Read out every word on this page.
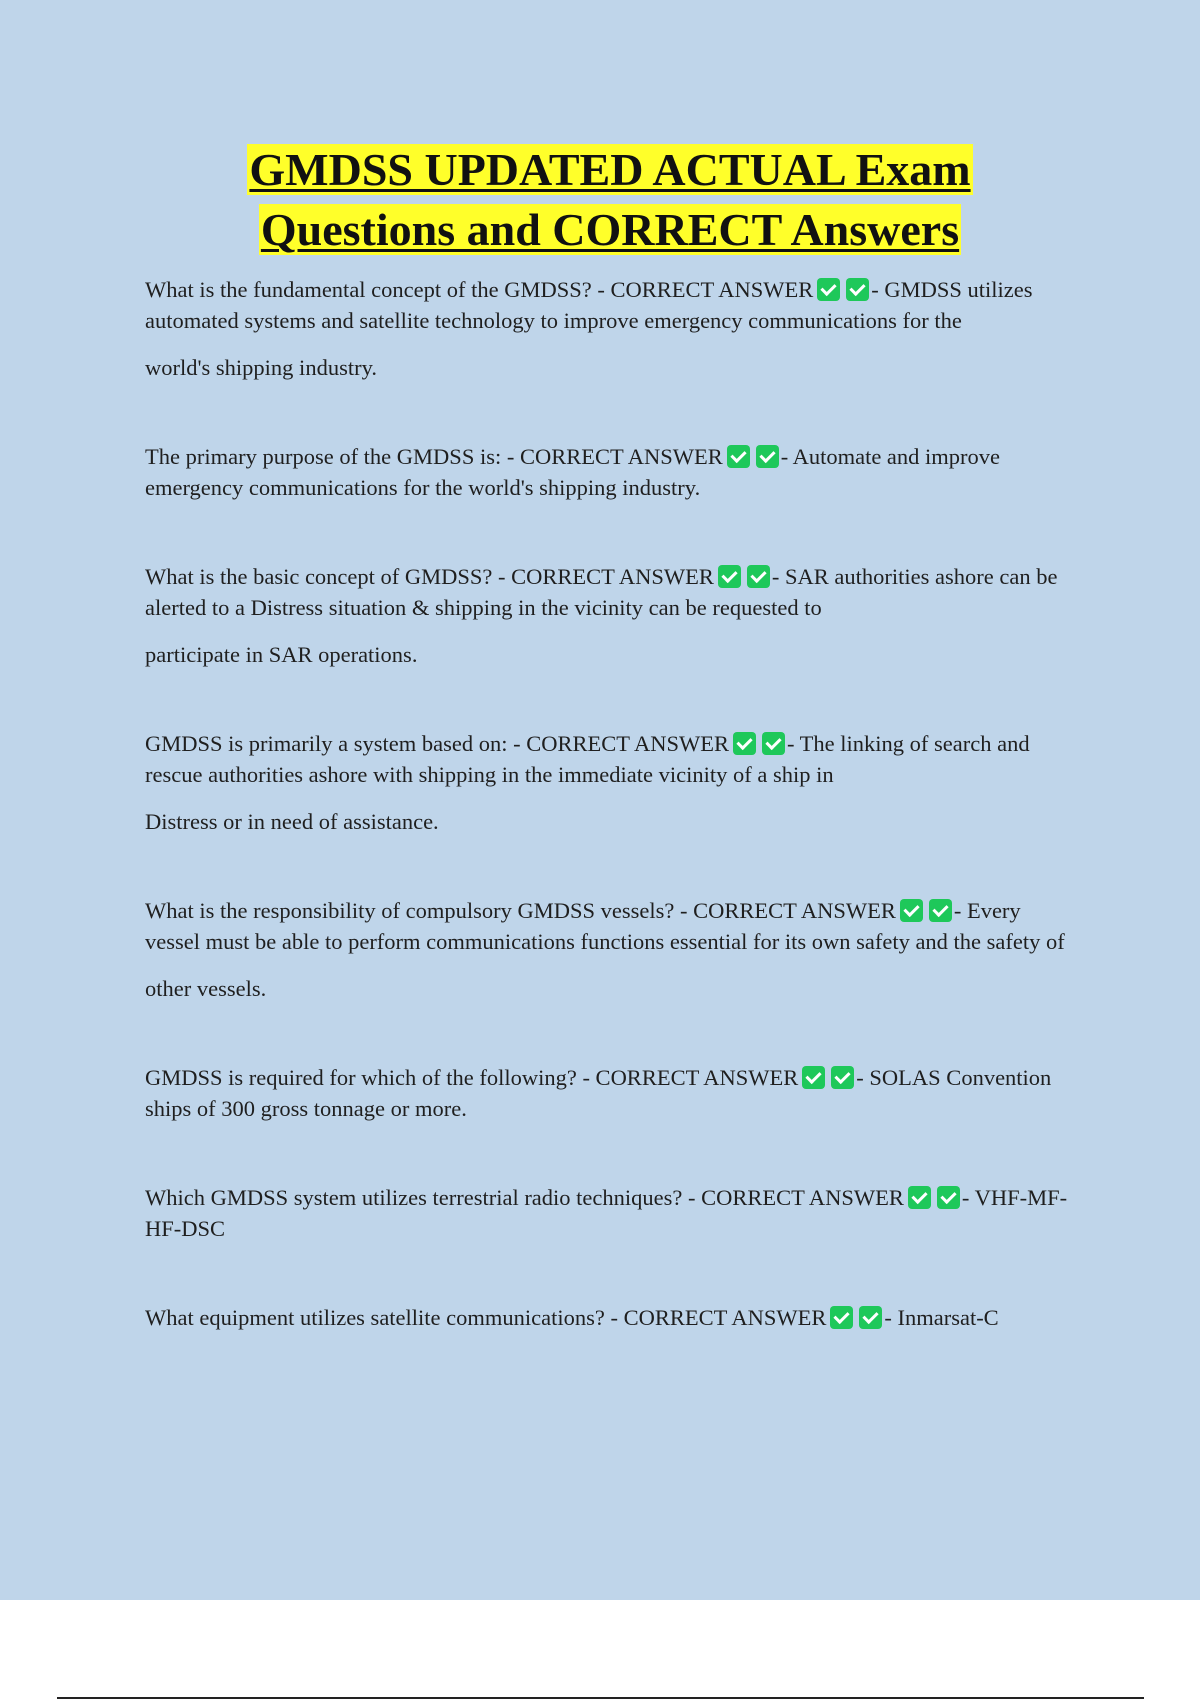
GMDSS UPDATED ACTUAL Exam
Questions and CORRECT Answers

What is the fundamental concept of the GMDSS? - CORRECT ANSWER	- GMDSS utilizes automated systems and satellite technology to improve emergency communications for the

world's shipping industry.

The primary purpose of the GMDSS is: - CORRECT ANSWER	- Automate and improve emergency communications for the world's shipping industry.

What is the basic concept of GMDSS? - CORRECT ANSWER	- SAR authorities ashore can be alerted to a Distress situation & shipping in the vicinity can be requested to

participate in SAR operations.

GMDSS is primarily a system based on: - CORRECT ANSWER	- The linking of search and rescue authorities ashore with shipping in the immediate vicinity of a ship in

Distress or in need of assistance.

What is the responsibility of compulsory GMDSS vessels? - CORRECT ANSWER	- Every vessel must be able to perform communications functions essential for its own safety and the safety of

other vessels.

GMDSS is required for which of the following? - CORRECT ANSWER	- SOLAS Convention ships of 300 gross tonnage or more.

Which GMDSS system utilizes terrestrial radio techniques? - CORRECT ANSWER	- VHF-MF-HF-DSC

What equipment utilizes satellite communications? - CORRECT ANSWER	- Inmarsat-C
